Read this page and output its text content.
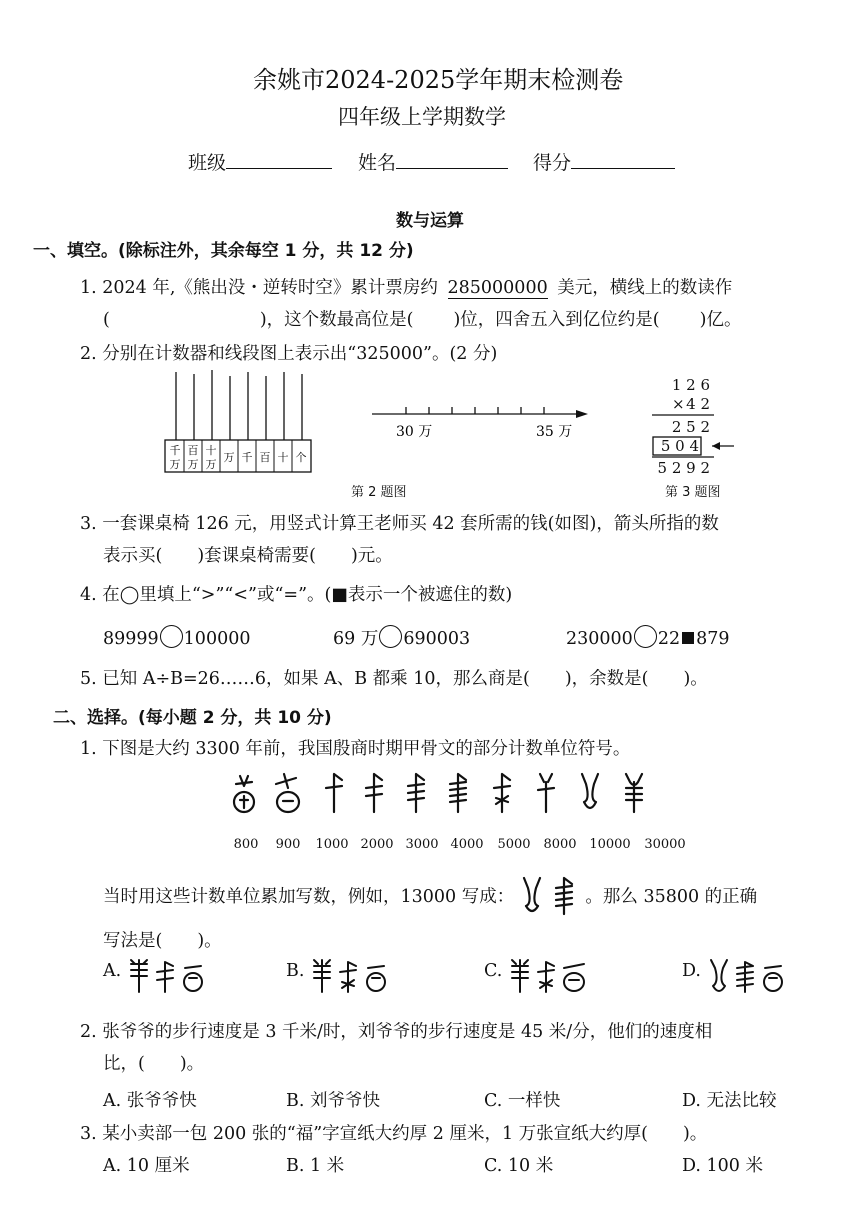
余姚市2024-2025学年期末检测卷
四年级上学期数学
班级	姓名	得分
数与运算
一、填空。(除标注外，其余每空 1 分，共 12 分)
1. 2024 年,《熊出没・逆转时空》累计票房约 285000000 美元，横线上的数读作
(	)，这个数最高位是( )位，四舍五入到亿位约是( )亿。
2. 分别在计数器和线段图上表示出“325000”。(2 分)
千
万
百
万
十
万
万 千 百 十 个
30 万	35 万
1 2 6
× 4 2
2 5 2
5 0 4
5 2 9 2
第 2 题图	第 3 题图
3. 一套课桌椅 126 元，用竖式计算王老师买 42 套所需的钱(如图)，箭头所指的数
表示买(　　)套课桌椅需要(　　)元。
4. 在◯里填上“>”“<”或“=”。(■表示一个被遮住的数)
89999 100000	69 万 690003	230000 22 879
5. 已知 A÷B=26……6，如果 A、B 都乘 10，那么商是(　　)，余数是(　　)。
二、选择。(每小题 2 分，共 10 分)
1. 下图是大约 3300 年前，我国殷商时期甲骨文的部分计数单位符号。
800 900 1000 2000 3000 4000 5000 8000 10000 30000
当时用这些计数单位累加写数，例如，13000 写成：	。那么 35800 的正确
写法是(　　)。
A.	B.	C.	D.
2. 张爷爷的步行速度是 3 千米/时，刘爷爷的步行速度是 45 米/分，他们的速度相
比，(　　)。
A. 张爷爷快	B. 刘爷爷快	C. 一样快	D. 无法比较
3. 某小卖部一包 200 张的“福”字宣纸大约厚 2 厘米，1 万张宣纸大约厚(　　)。
A. 10 厘米	B. 1 米	C. 10 米	D. 100 米
